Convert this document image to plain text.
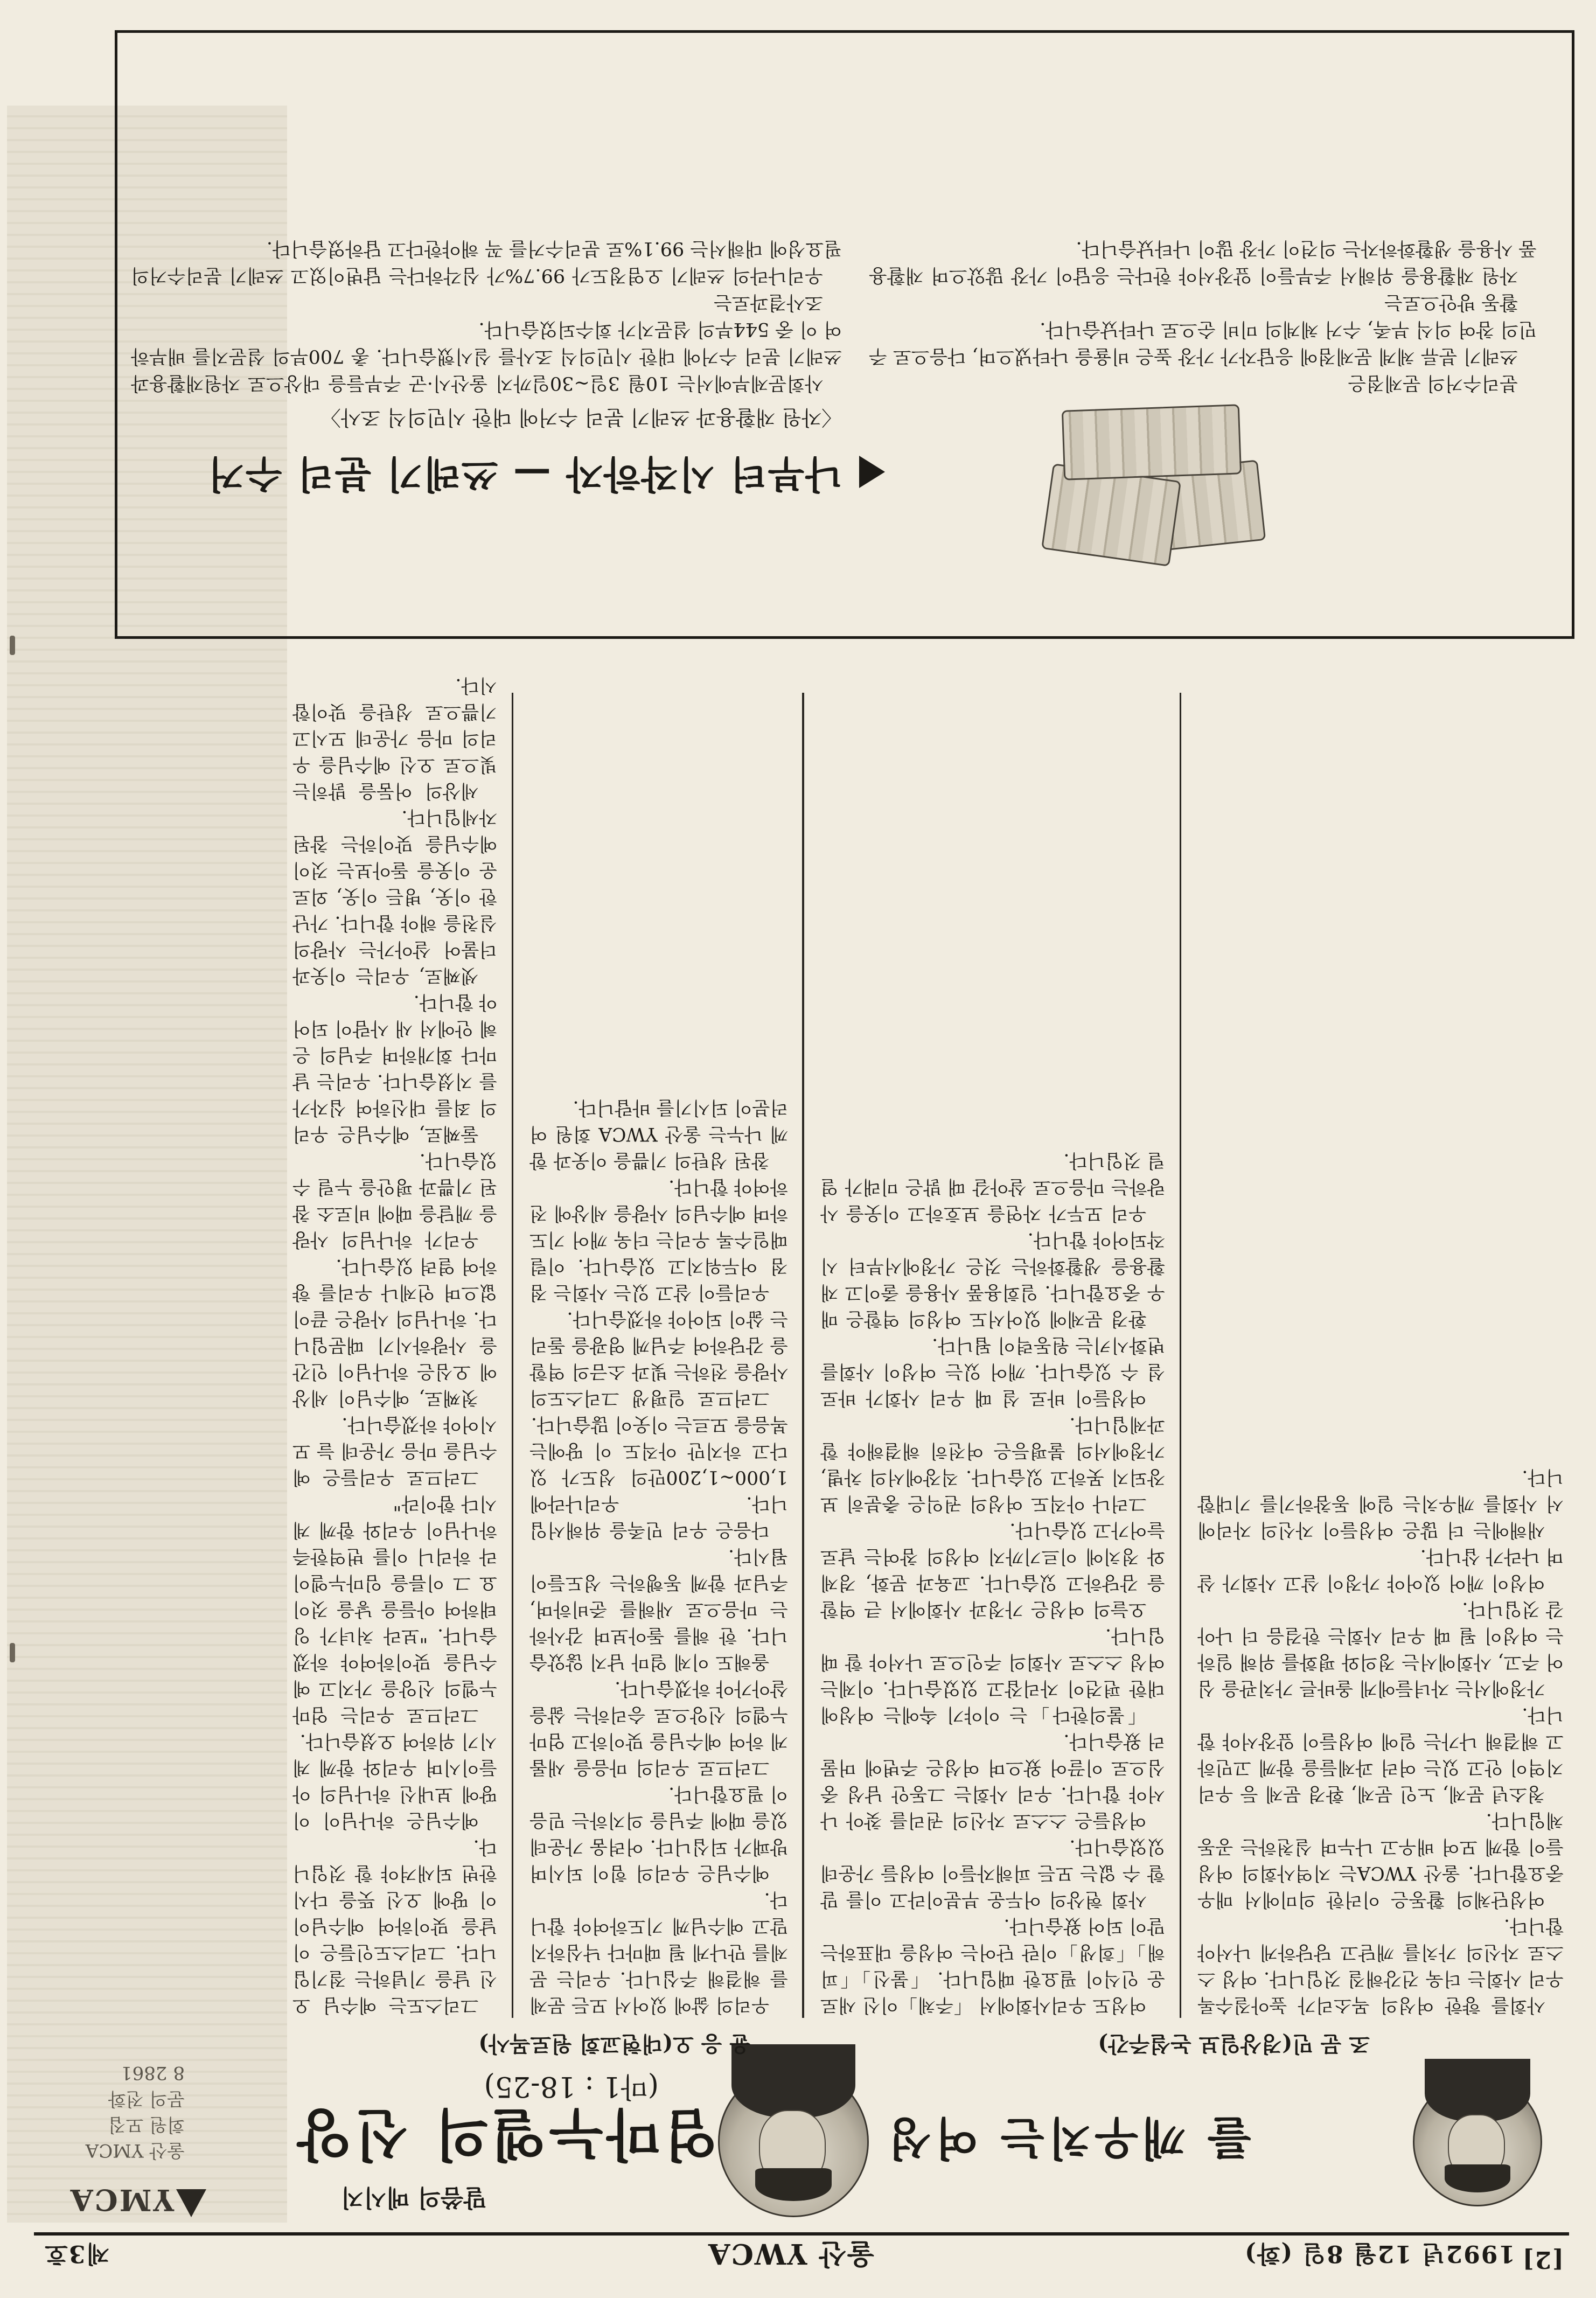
[2]
1992년 12월 8일 (화)
울산 YWCA
제3호
YMCA
울산 YMCA
회원 모집
문의 전화
8 2861
말씀의 메시지
엄마누엘의 신앙
(마1 : 18-25)
를 깨우치는 여성
윤 응 오(대현교회 원로목사)	조 문 민(경상일보 논설주간)

그리스도는 예수님 오신 날을 기념하는 절기입니다. 그리스도인들은 이날을 맞이하여 예수님이 이 땅에 오신 뜻을 다시 한번 되새겨야 할 것입니다.

예수님은 하나님이 이 땅에 보내신 하나님의 아들이시며 우리와 함께 계시기 위하여 오셨습니다.

그러므로 우리는 엄마누엘의 신앙을 가지고 예수님을 맞이하여야 하겠습니다. "보라 처녀가 잉태하여 아들을 낳을 것이요 그 이름을 임마누엘이라 하리니 이를 번역한즉 하나님이 우리와 함께 계시다 함이라"

그러므로 우리들은 예수님을 마음 가운데 늘 모시어야 하겠습니다.

첫째로, 예수님이 세상에 오심은 하나님이 인간을 사랑하시기 때문입니다. 하나님의 사랑은 끝이 없으며 언제나 우리를 향하여 열려 있습니다.

우리가 하나님의 사랑을 깨달을 때에 비로소 참된 기쁨과 평안을 누릴 수 있습니다.

둘째로, 예수님은 우리의 죄를 대신하여 십자가를 지셨습니다. 우리는 날마다 회개하며 주님의 은혜 안에서 새 사람이 되어야 합니다.

셋째로, 우리는 이웃과 더불어 살아가는 사랑의 실천을 해야 합니다. 가난한 이웃, 병든 이웃, 외로운 이웃을 돌아보는 것이 예수님을 맞이하는 참된 자세입니다.

세상의 어둠을 밝히는 빛으로 오신 예수님을 우리의 마음 가운데 모시고 기쁨으로 성탄을 맞이합시다.

우리의 삶에 있어서 모든 문제를 해결해 주십니다. 우리는 문제를 만나게 될 때마다 낙심하지 말고 예수님께 기도하여야 합니다.

예수님은 우리의 힘이 되시며 방패가 되십니다. 어려움 가운데 있을 때에 주님을 의지하는 믿음이 필요합니다.

그러므로 우리의 마음을 새롭게 하여 예수님을 맞이하고 엄마누엘의 신앙으로 승리하는 삶을 살아가야 하겠습니다.

올해도 이제 얼마 남지 않았습니다. 한 해를 돌아보며 감사하는 마음으로 새해를 준비하며, 주님과 함께 동행하는 성도들이 됩시다.

다음은 우리 민족을 위해서입니다. 우리나라에 1,000~1,200만의 성도가 있다고 하지만 아직도 이 땅에는 복음을 모르는 이웃이 많습니다.

그러므로 일평생 그리스도의 사랑을 전하는 빛과 소금의 역할을 감당하여 주님께 영광을 돌리는 삶이 되어야 하겠습니다.

우리들이 살고 있는 사회는 점점 어두워지고 있습니다. 이럴 때일수록 우리는 더욱 깨어 기도하며 예수님의 사랑을 세상에 전하여야 합니다.

참된 성탄의 기쁨을 이웃과 함께 나누는 울산 YWCA 회원 여러분이 되시기를 바랍니다.

여성도 우리사회에서 「주체」이신 새로운 인식이 필요한 때입니다. 「불신」「피해」「희생」이란 단어는 여성을 대표하는 말이 되어 왔습니다.

사회 현상의 어두운 부분이라고 이를 말할 수 없는 모든 피해자들이 여성들 가운데 있었습니다.

여성들은 스스로 자신의 권리를 찾아 나서야 합니다. 우리 사회는 그동안 남성 중심으로 이끌어 왔으며 여성은 주변에 머물러 왔습니다.

「불의한다」는 이야기 속에는 여성에 대한 편견이 자리잡고 있었습니다. 이제는 여성 스스로 사회의 주인으로 나서야 할 때입니다.

오늘의 여성은 가정과 사회에서 큰 역할을 감당하고 있습니다. 교육과 문화, 경제와 정치에 이르기까지 여성의 참여는 날로 늘어가고 있습니다.

그러나 아직도 여성의 권익은 충분히 보장되지 못하고 있습니다. 직장에서의 차별, 가정에서의 불평등은 여전히 해결해야 할 과제입니다.

여성들이 바로 설 때 우리 사회가 바로 설 수 있습니다. 깨어 있는 여성이 사회를 변화시키는 원동력이 됩니다.

환경 문제에 있어서도 여성의 역할은 매우 중요합니다. 일회용품 사용을 줄이고 재활용을 생활화하는 것은 가정에서부터 시작되어야 합니다.

우리 모두가 자연을 보호하고 이웃을 사랑하는 마음으로 살아갈 때 밝은 미래가 열릴 것입니다.

사회를 향한 여성의 목소리가 높아질수록 우리 사회는 더욱 건강해질 것입니다. 여성 스스로 자신의 가치를 깨닫고 당당하게 나서야 합니다.

여성단체의 활동은 이러한 의미에서 매우 중요합니다. 울산 YWCA는 지역사회의 여성들이 함께 모여 배우고 나누며 실천하는 공동체입니다.

청소년 문제, 노인 문제, 환경 문제 등 우리 지역이 안고 있는 여러 과제들을 함께 고민하고 해결해 나가는 일에 여성들이 앞장서야 합니다.

가정에서는 자녀들에게 올바른 가치관을 심어 주고, 사회에서는 정의와 평화를 위해 일하는 여성이 될 때 우리 사회는 한걸음 더 나아갈 것입니다.

여성이 깨어 있어야 가정이 살고 사회가 살며 나라가 삽니다.

새해에는 더 많은 여성들이 자신의 자리에서 사회를 깨우치는 일에 동참하기를 기대합니다.

나부터 시작하자 — 쓰레기 분리 수거
〈자원 재활용과 쓰레기 분리 수거에 대한 시민의식 조사〉

사회문제부에서는 10월 3일~30일까지 울산시·군 주부들을 대상으로 자원재활용과 쓰레기 분리 수거에 대한 시민의식 조사를 실시했습니다. 총 700부의 설문지를 배부하여 이 중 544부의 설문지가 회수되었습니다.

조사결과로는

우리나라의 쓰레기 오염정도가 99.7%가 심각하다는 답변이었고 쓰레기 분리수거의 필요성에 대해서는 99.1%로 분리수거를 꼭 해야한다고 답하였습니다.

분리수거의 문제점은

쓰레기 분류 체계 문제점에 응답자가 가장 높은 비율을 나타냈으며, 다음으로 주민의 참여 의식 부족, 수거 체계의 미비 순으로 나타났습니다.

활동 방안으로는

자원 재활용을 위해서 주부들이 앞장서야 한다는 응답이 가장 많았으며 재활용품 사용을 생활화하자는 의견이 가장 많이 나타났습니다.
